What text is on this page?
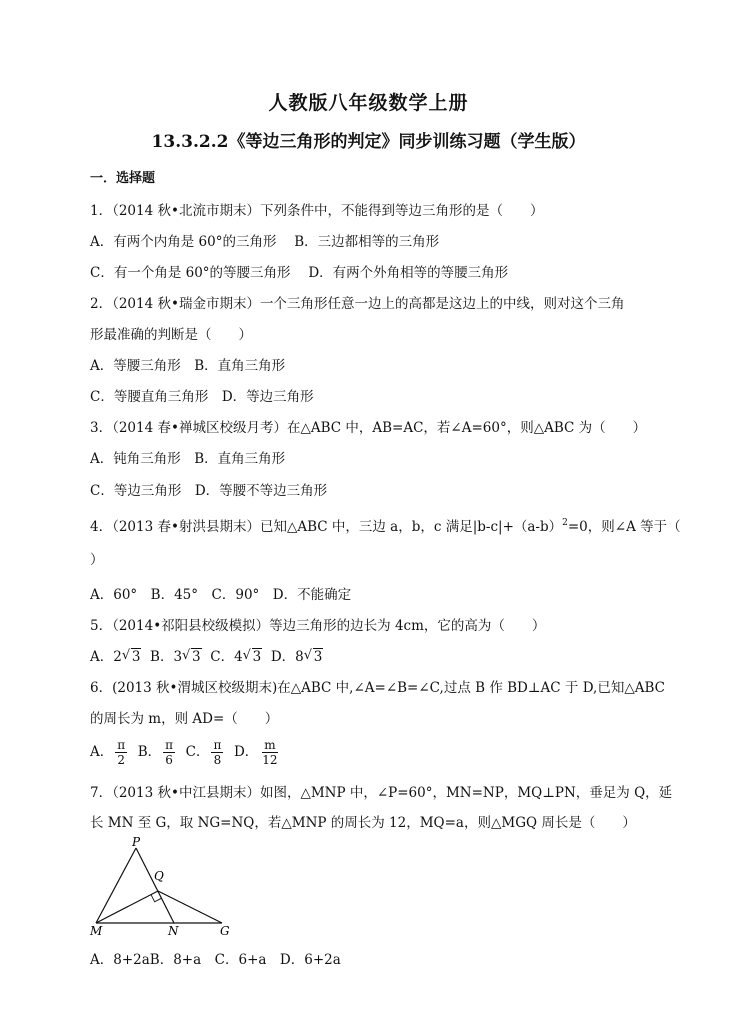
人教版八年级数学上册
13.3.2.2《等边三角形的判定》同步训练习题（学生版）
一．选择题
1．（2014 秋•北流市期末）下列条件中，不能得到等边三角形的是（　　）
A．有两个内角是 60°的三角形　 B．三边都相等的三角形
C．有一个角是 60°的等腰三角形　 D．有两个外角相等的等腰三角形
2．（2014 秋•瑞金市期末）一个三角形任意一边上的高都是这边上的中线，则对这个三角
形最准确的判断是（　　）
A．等腰三角形　B．直角三角形
C．等腰直角三角形　D．等边三角形
3．（2014 春•禅城区校级月考）在△ABC 中，AB=AC，若∠A=60°，则△ABC 为（　　）
A．钝角三角形　B．直角三角形
C．等边三角形　D．等腰不等边三角形
4．（2013 春•射洪县期末）已知△ABC 中，三边 a，b，c 满足$|b-c|+(a-b)^2=0$，则∠A 等于（
）
A．60°　B．45°　C．90°　D．不能确定
5．（2014•祁阳县校级模拟）等边三角形的边长为 4cm，它的高为（　　）
A．2 √ 3 B．3 √ 3 C．4 √ 3 D．8 √ 3
6．(2013 秋•渭城区校级期末)在△ABC 中,∠A=∠B=∠C,过点 B 作 BD⊥AC 于 D,已知△ABC
的周长为 m，则 AD=（　　）
A． $\frac{\pi}{2}$ B． $\frac{\pi}{6}$ C． $\frac{\pi}{8}$ D． $\frac{m}{12}$
7．（2013 秋•中江县期末）如图，△MNP 中，∠P=60°，MN=NP，MQ⊥PN，垂足为 Q，延
长 MN 至 G，取 NG=NQ，若△MNP 的周长为 12，MQ=a，则△MGQ 周长是（　　）
P
Q
M	N	G
A．8+2aB．8+a　C．6+a　D．6+2a
